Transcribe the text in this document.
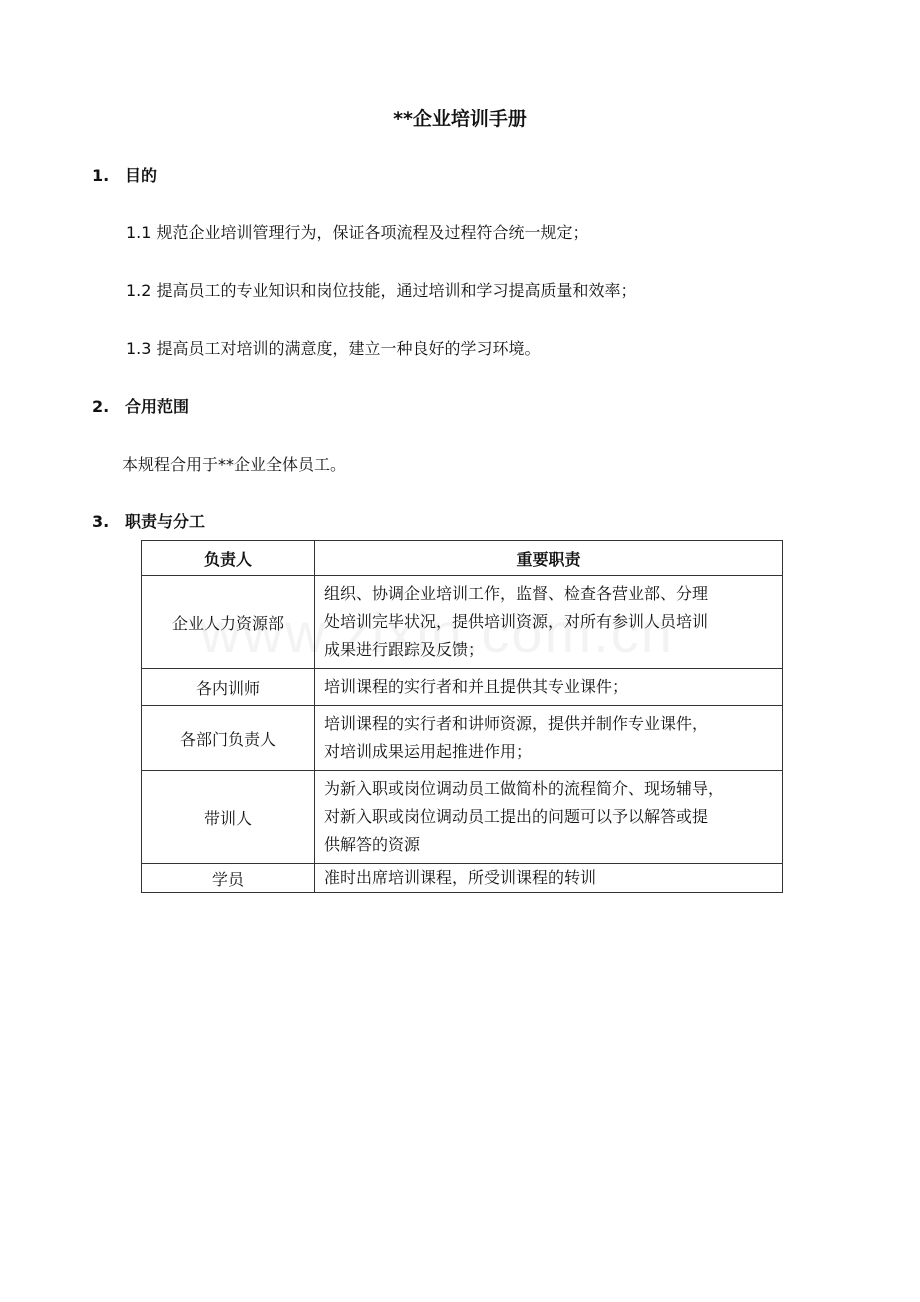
**企业培训手册
1. 目的
1.1 规范企业培训管理行为，保证各项流程及过程符合统一规定；
1.2 提高员工的专业知识和岗位技能，通过培训和学习提高质量和效率；
1.3 提高员工对培训的满意度，建立一种良好的学习环境。
2. 合用范围
本规程合用于**企业全体员工。
3. 职责与分工
负责人	重要职责
企业人力资源部	组织、协调企业培训工作，监督、检查各营业部、分理
处培训完毕状况，提供培训资源，对所有参训人员培训
成果进行跟踪及反馈；

各内训师	培训课程的实行者和并且提供其专业课件；

各部门负责人	培训课程的实行者和讲师资源，提供并制作专业课件，
对培训成果运用起推进作用；

带训人	为新入职或岗位调动员工做简朴的流程简介、现场辅导，
对新入职或岗位调动员工提出的问题可以予以解答或提
供解答的资源

学员	准时出席培训课程，所受训课程的转训
